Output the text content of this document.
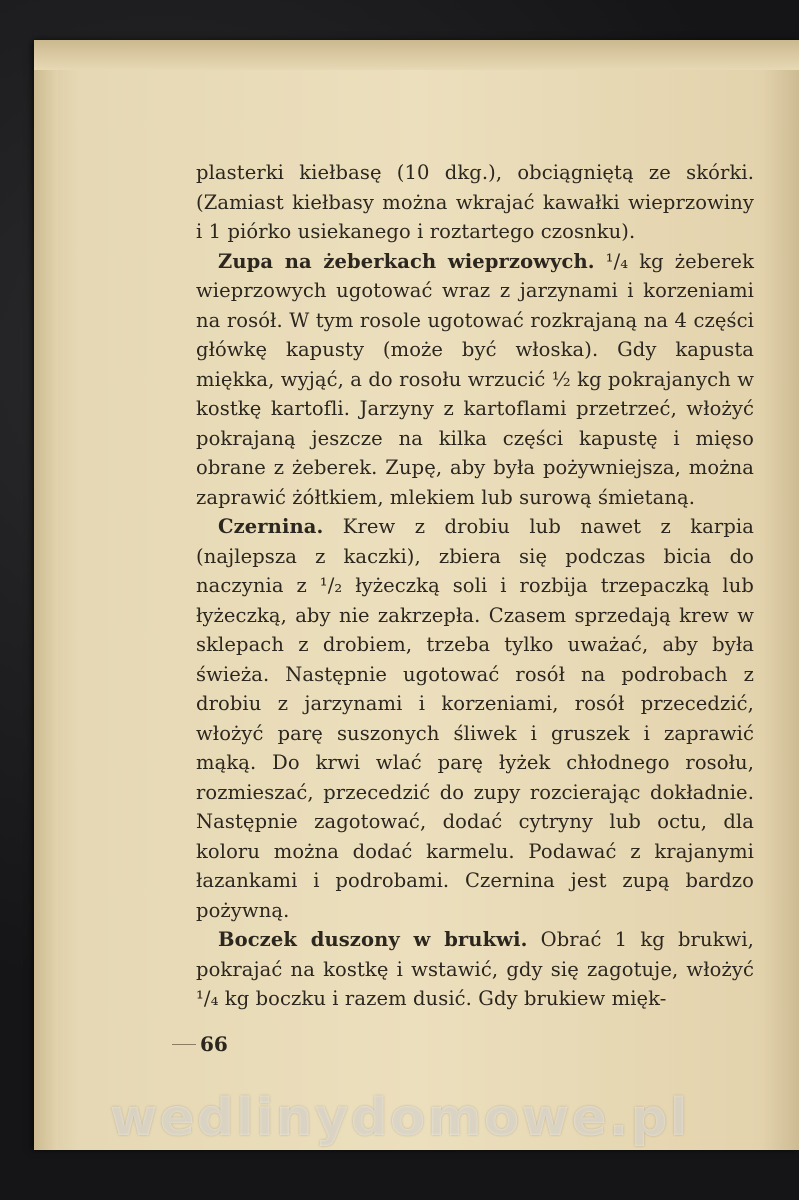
plasterki kiełbasę (10 dkg.), obciągniętą ze skórki. (Zamiast kiełbasy można wkrajać kawałki wieprzowiny i 1 piórko usiekanego i roztartego czosnku).

Zupa na żeberkach wieprzowych. ¹/₄ kg żeberek wieprzowych ugotować wraz z jarzynami i korzeniami na rosół. W tym rosole ugotować rozkrajaną na 4 części główkę kapusty (może być włoska). Gdy kapusta miękka, wyjąć, a do rosołu wrzucić ½ kg pokrajanych w kostkę kartofli. Jarzyny z kartoflami przetrzeć, włożyć pokrajaną jeszcze na kilka części kapustę i mięso obrane z żeberek. Zupę, aby była pożywniejsza, można zaprawić żółtkiem, mlekiem lub surową śmietaną.

Czernina. Krew z drobiu lub nawet z karpia (najlepsza z kaczki), zbiera się podczas bicia do naczynia z ¹/₂ łyżeczką soli i rozbija trzepaczką lub łyżeczką, aby nie zakrzepła. Czasem sprzedają krew w sklepach z drobiem, trzeba tylko uważać, aby była świeża. Następnie ugotować rosół na podrobach z drobiu z jarzynami i korzeniami, rosół przecedzić, włożyć parę suszonych śliwek i gruszek i zaprawić mąką. Do krwi wlać parę łyżek chłodnego rosołu, rozmieszać, przecedzić do zupy rozcierając dokładnie. Następnie zagotować, dodać cytryny lub octu, dla koloru można dodać karmelu. Podawać z krajanymi łazankami i podrobami. Czernina jest zupą bardzo pożywną.

Boczek duszony w brukwi. Obrać 1 kg brukwi, pokrajać na kostkę i wstawić, gdy się zagotuje, włożyć ¹/₄ kg boczku i razem dusić. Gdy brukiew mięk-

66
wedlinydomowe.pl
